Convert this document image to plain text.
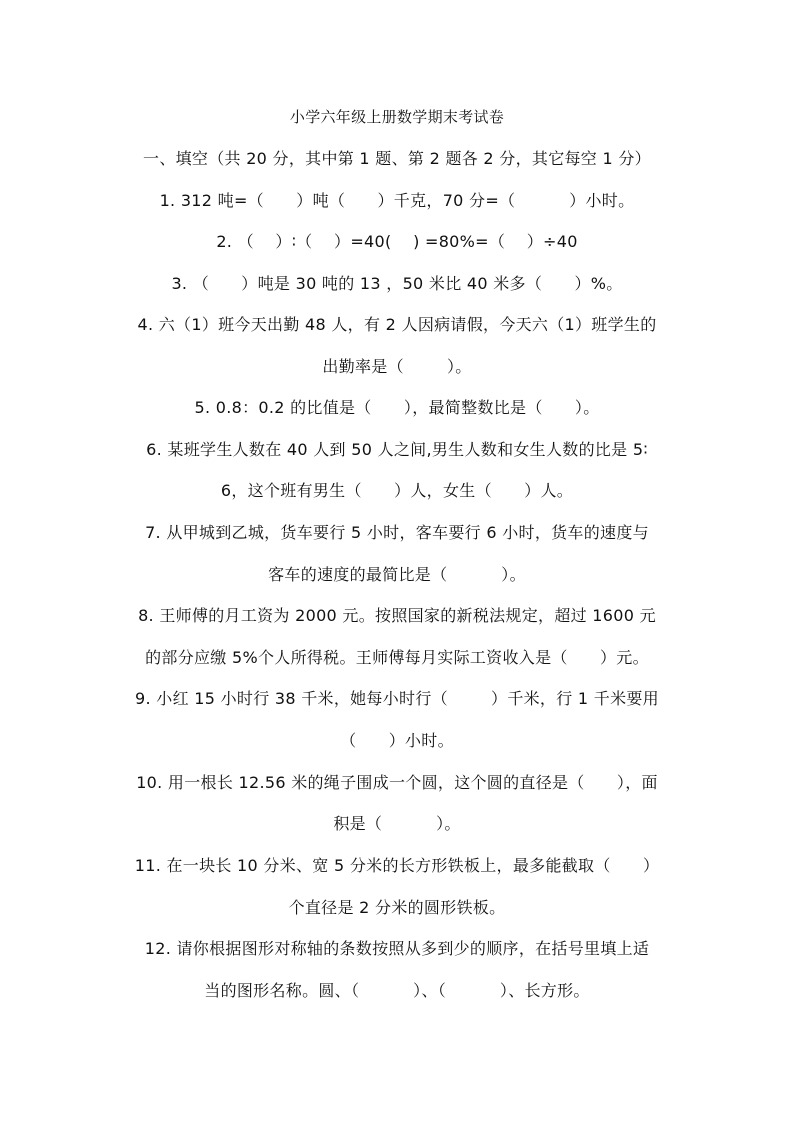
小学六年级上册数学期末考试卷
一、填空（共 20 分，其中第 1 题、第 2 题各 2 分，其它每空 1 分）
1. 312 吨=（      ）吨（      ）千克，70 分=（          ）小时。
2. （    ）∶（    ）=40(    ) =80%=（    ）÷40
3. （      ）吨是 30 吨的 13 ，50 米比 40 米多（      ）%。
4. 六（1）班今天出勤 48 人，有 2 人因病请假，今天六（1）班学生的
出勤率是（        ）。
5. 0.8：0.2 的比值是（      ），最简整数比是（      ）。
6. 某班学生人数在 40 人到 50 人之间,男生人数和女生人数的比是 5∶
6，这个班有男生（      ）人，女生（      ）人。
7. 从甲城到乙城，货车要行 5 小时，客车要行 6 小时，货车的速度与
客车的速度的最简比是（          ）。
8. 王师傅的月工资为 2000 元。按照国家的新税法规定，超过 1600 元
的部分应缴 5%个人所得税。王师傅每月实际工资收入是（      ）元。
9. 小红 15 小时行 38 千米，她每小时行（        ）千米，行 1 千米要用
（      ）小时。
10. 用一根长 12.56 米的绳子围成一个圆，这个圆的直径是（      ），面
积是（          ）。
11. 在一块长 10 分米、宽 5 分米的长方形铁板上，最多能截取（      ）
个直径是 2 分米的圆形铁板。
12. 请你根据图形对称轴的条数按照从多到少的顺序，在括号里填上适
当的图形名称。圆、（          ）、（          ）、长方形。
